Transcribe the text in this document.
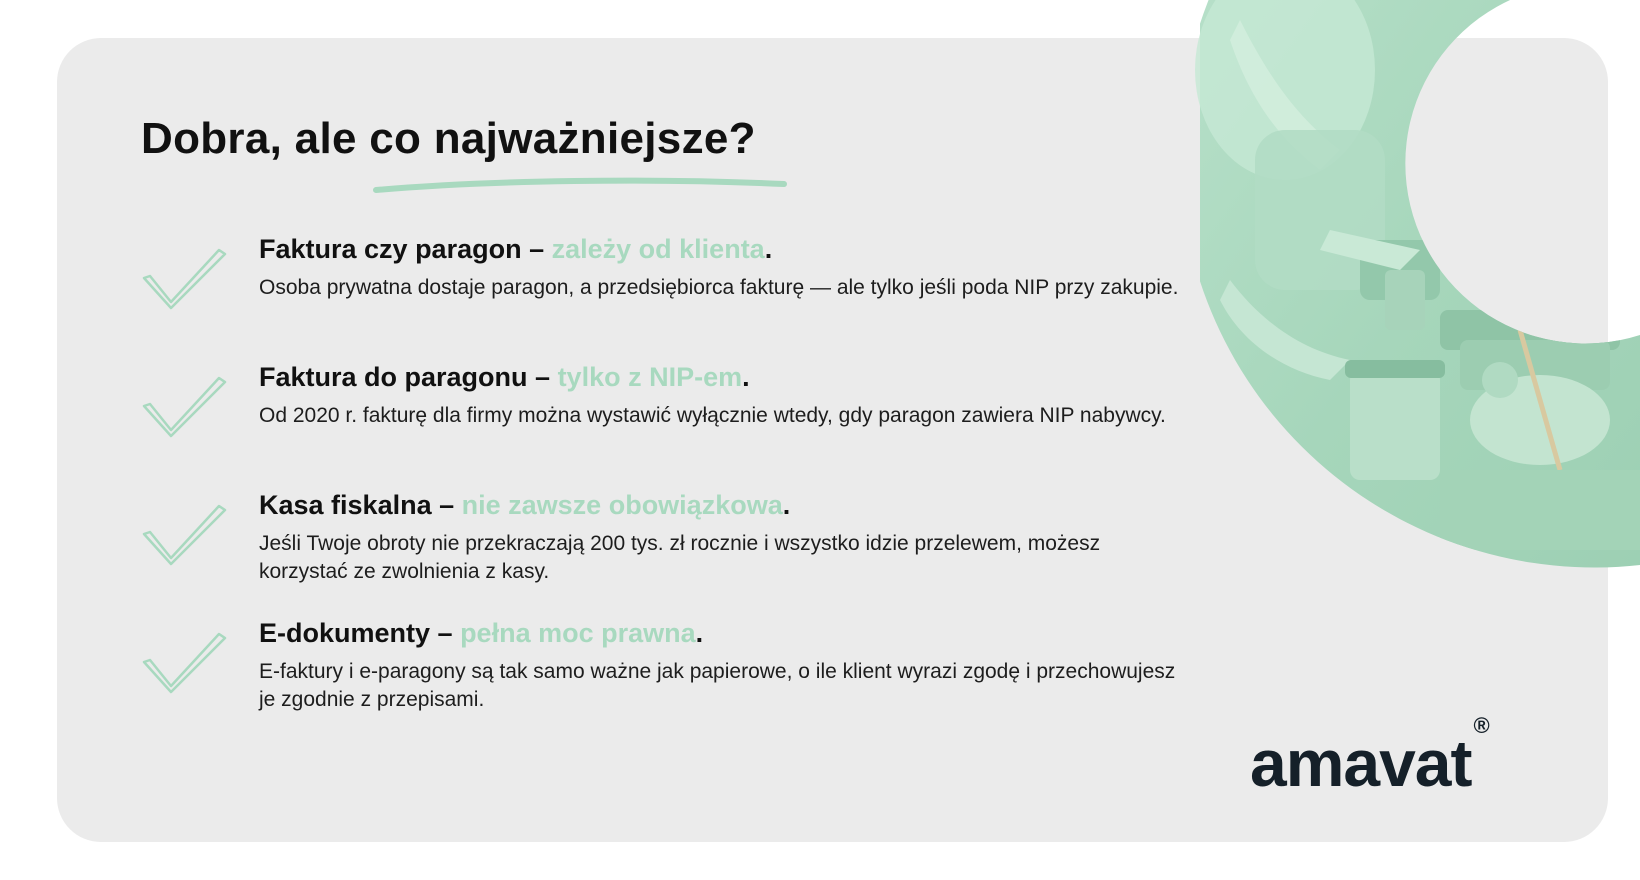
Dobra, ale co najważniejsze?
Faktura czy paragon – zależy od klienta.

Osoba prywatna dostaje paragon, a przedsiębiorca fakturę — ale tylko jeśli poda NIP przy zakupie.

Faktura do paragonu – tylko z NIP-em.

Od 2020 r. fakturę dla firmy można wystawić wyłącznie wtedy, gdy paragon zawiera NIP nabywcy.

Kasa fiskalna – nie zawsze obowiązkowa.

Jeśli Twoje obroty nie przekraczają 200 tys. zł rocznie i wszystko idzie przelewem, możesz korzystać ze zwolnienia z kasy.

E-dokumenty – pełna moc prawna.

E-faktury i e-paragony są tak samo ważne jak papierowe, o ile klient wyrazi zgodę i przechowujesz je zgodnie z przepisami.

amavat®
